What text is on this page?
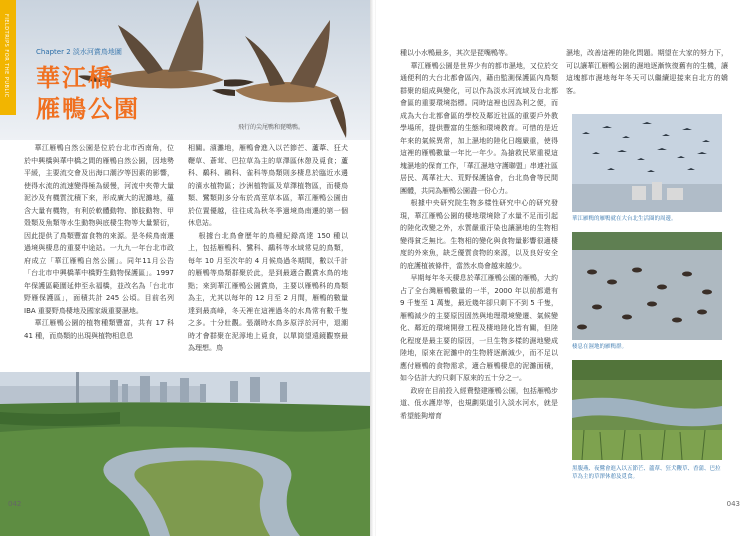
FIELDTRIPS FOR THE PUBLIC	Chapter 2 淡水河賞鳥地圖
華江橋
雁鴨公園
飛行的尖尾鴨和琵嘴鴨。

華江雁鴨自然公園是位於台北市西南角，位於中興橋與華中橋之間的雁鴨自然公園，因地勢平緩，主要流交會及出海口潮汐等因素的影響，使得水流的流速變得極為緩慢，河流中夾帶大量泥沙及有機質沈積下來，形成廣大的泥灘地，蘊含大量有機物，有利於軟體動物、節肢動物、甲殼類及魚類等水生動物與底棲生物等大量繁衍，因此提供了鳥類豐富食物的來源。是冬候鳥南遷過境與棲息的重要中途站。一九九一年台北市政府成立「華江雁鴨自然公園」。同年11月公告「台北市中興橋華中橋野生動物保護區」。1997年保護區範圍延伸至永福橋，並改名為「台北市野雁保護區」，面積共計 245 公頃。目前名列 IBA 重要野鳥棲地及國家級重要濕地。

華江雁鴨公園的植物種類豐富，共有 17 科 41 種，而鳥類的出現與植物相息息

相關。濱灘地，雁鴨會進入以芒節芒、蘆葦、狂犬鞭草、蒼茸、巴拉草為主的草澤區休憩及覓食；蘆科、鷸科、鷗科、雀科等鳥類則多棲息於臨近水邊的濱水植物區；沙洲植物區及草澤植物區，而棲鳥類、鷺類則多分布於高莖草本區，華江雁鴨公園由於位置優越，往往成為秋冬季過境鳥南遷的第一個休息站。

根據台北鳥會歷年的鳥種紀錄高達 150 種以上，包括雁鴨科、鷺科、鷸科等水域常見的鳥類，每年 10 月至次年的 4 月候鳥過冬期間，數以千計的雁鴨等鳥類群聚於此，是到最適合觀賞水鳥的地點；來到華江雁鴨公園賞鳥，主要以雁鴨科的鳥類為主，尤其以每年的 12 月至 2 月間，雁鴨的數量達到最高峰，冬天裡在這裡過冬的水鳥常有數千隻之多。十分壯觀。張潮時水鳥多原浮於河中，退潮時才會群聚在泥濘地上覓食，以單筒望遠鏡觀察最為理想。鳥

042

種以小水鴨最多，其次是琵嘴鴨等。

華江雁鴨公園是世界少有的都市濕地，又位於交通便利的大台北都會區內，藉由監測保護區內鳥類群聚的組成與變化，可以作為淡水河流域及台北都會區的重要環境指標。同時這裡也因為利之便，而成為大台北都會區的學校及鄰近社區的重要戶外教學場所，提供豐富的生態和環境教育。可惜的是近年來的氣候異常，加上濕地的陸化日趨嚴重，使得這裡的雁鴨數量一年比一年少。為搶救民眾重視這塊濕地的保育工作，「華江濕地守護聯盟」串連社區居民、萬華社大、荒野保護協會，台北鳥會等民間團體，共同為雁鴨公園盡一份心力。

根據中央研究院生物多樣性研究中心的研究發現，華江雁鴨公園的棲地環境除了水量不足而引起的陸化改變之外，水質嚴重汙染也讓濕地的生物相變得貧乏無比。生物相的變化與食物量影響很適棲度的外來魚，缺乏優質食物的來源，以及良好安全的庇護植被條件，當然水鳥會越來越少。

早期每年冬天棲息於華江雁鴨公園的雁鴨，大約占了全台灣雁鴨數量的一半，2000 年以前都還有 9 千隻至 1 萬隻，最近幾年卻只剩下不到 5 千隻，雁鴨減少的主要原因固然與地理環境變遷、氣候變化、鄰近的環境開發工程及棲地陸化皆有關，但陸化程度是最主要的原因，一旦生物多樣的濕地變成陸地，原來在泥灘中的生物將逐漸減少，而不足以應付雁鴨的食物需求，適合雁鴨棲息的泥灘面積，如今估計大約只剩下原來的五十分之一。

政府在目前投入經費整建雁鴨公園，包括雁鴨步道、低水護岸等，也規劃渠道引入淡水河水，就是希望能夠增育

濕地，改善這裡的陸化問題。期望在大家的努力下，可以讓華江雁鴨公園的濕地逐漸恢復舊有的生機，讓這塊都市濕地每年冬天可以繼續迎接來自北方的嬌客。

華江雁鴨的雁鴨就在大台北生活圈的周邊。
棲息在濕地的雁鴨群。
黑腹燕、夜鷺會進入以五節芒、蘆葦、狂犬鞭草、香蒲、巴拉草為主的草澤休憩及覓食。
043
